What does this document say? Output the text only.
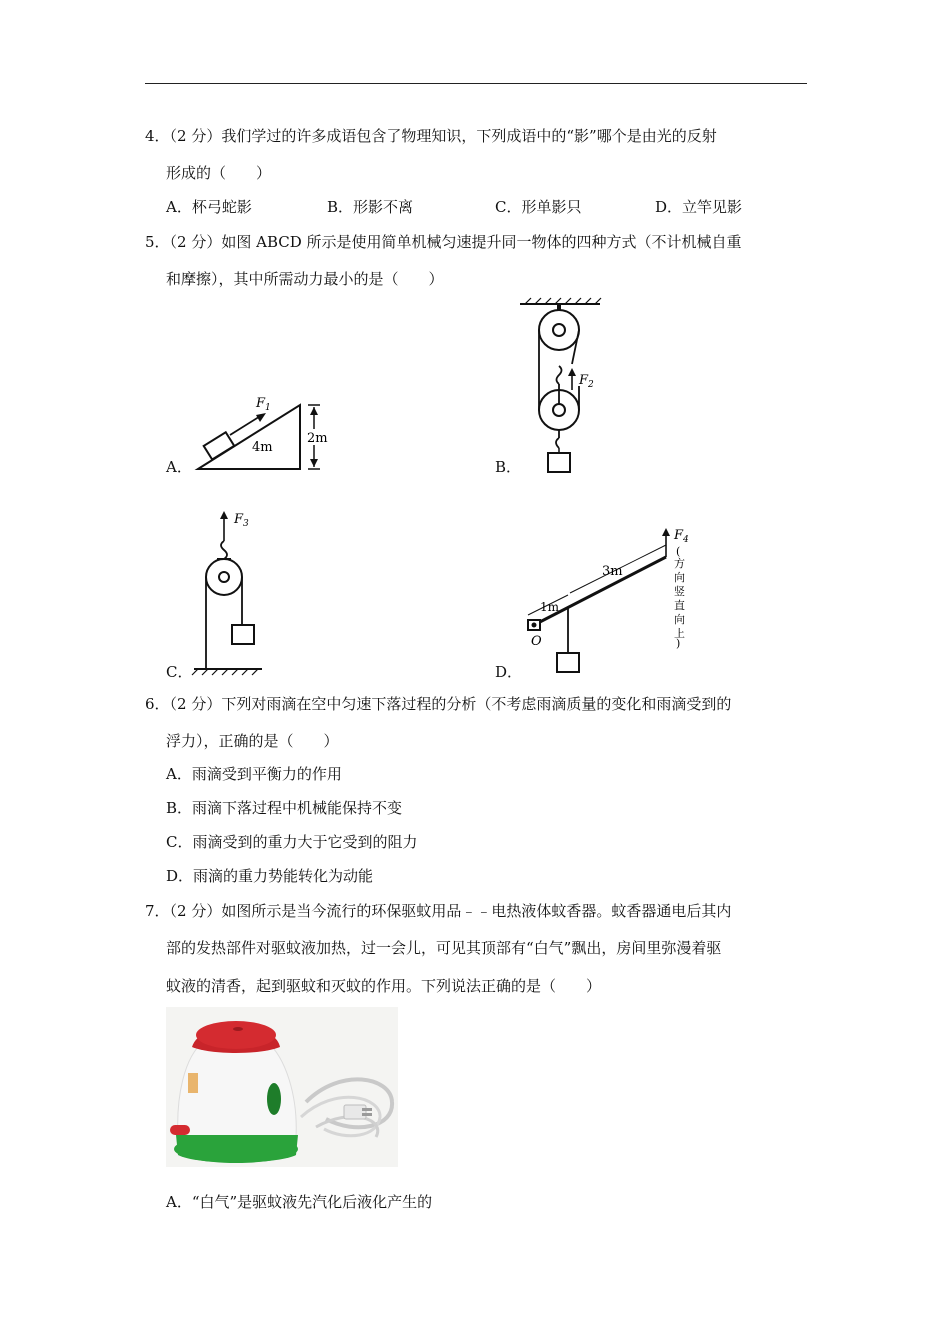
4．（2 分）我们学过的许多成语包含了物理知识，下列成语中的“影”哪个是由光的反射
形成的（　　）
A．杯弓蛇影	B．形影不离	C．形单影只	D．立竿见影
5．（2 分）如图 ABCD 所示是使用简单机械匀速提升同一物体的四种方式（不计机械自重
和摩擦），其中所需动力最小的是（　　）
A．
$F_1$
4m
2m
B．
$F_2$
C．
$F_3$
D．
O
1m
3m
$F_4$
(
方
向
竖
直
向
上
)
6．（2 分）下列对雨滴在空中匀速下落过程的分析（不考虑雨滴质量的变化和雨滴受到的
浮力），正确的是（　　）
A．雨滴受到平衡力的作用
B．雨滴下落过程中机械能保持不变
C．雨滴受到的重力大于它受到的阻力
D．雨滴的重力势能转化为动能
7．（2 分）如图所示是当今流行的环保驱蚊用品﹣﹣电热液体蚊香器。蚊香器通电后其内
部的发热部件对驱蚊液加热，过一会儿，可见其顶部有“白气”飘出，房间里弥漫着驱
蚊液的清香，起到驱蚊和灭蚊的作用。下列说法正确的是（　　）
A．“白气”是驱蚊液先汽化后液化产生的
